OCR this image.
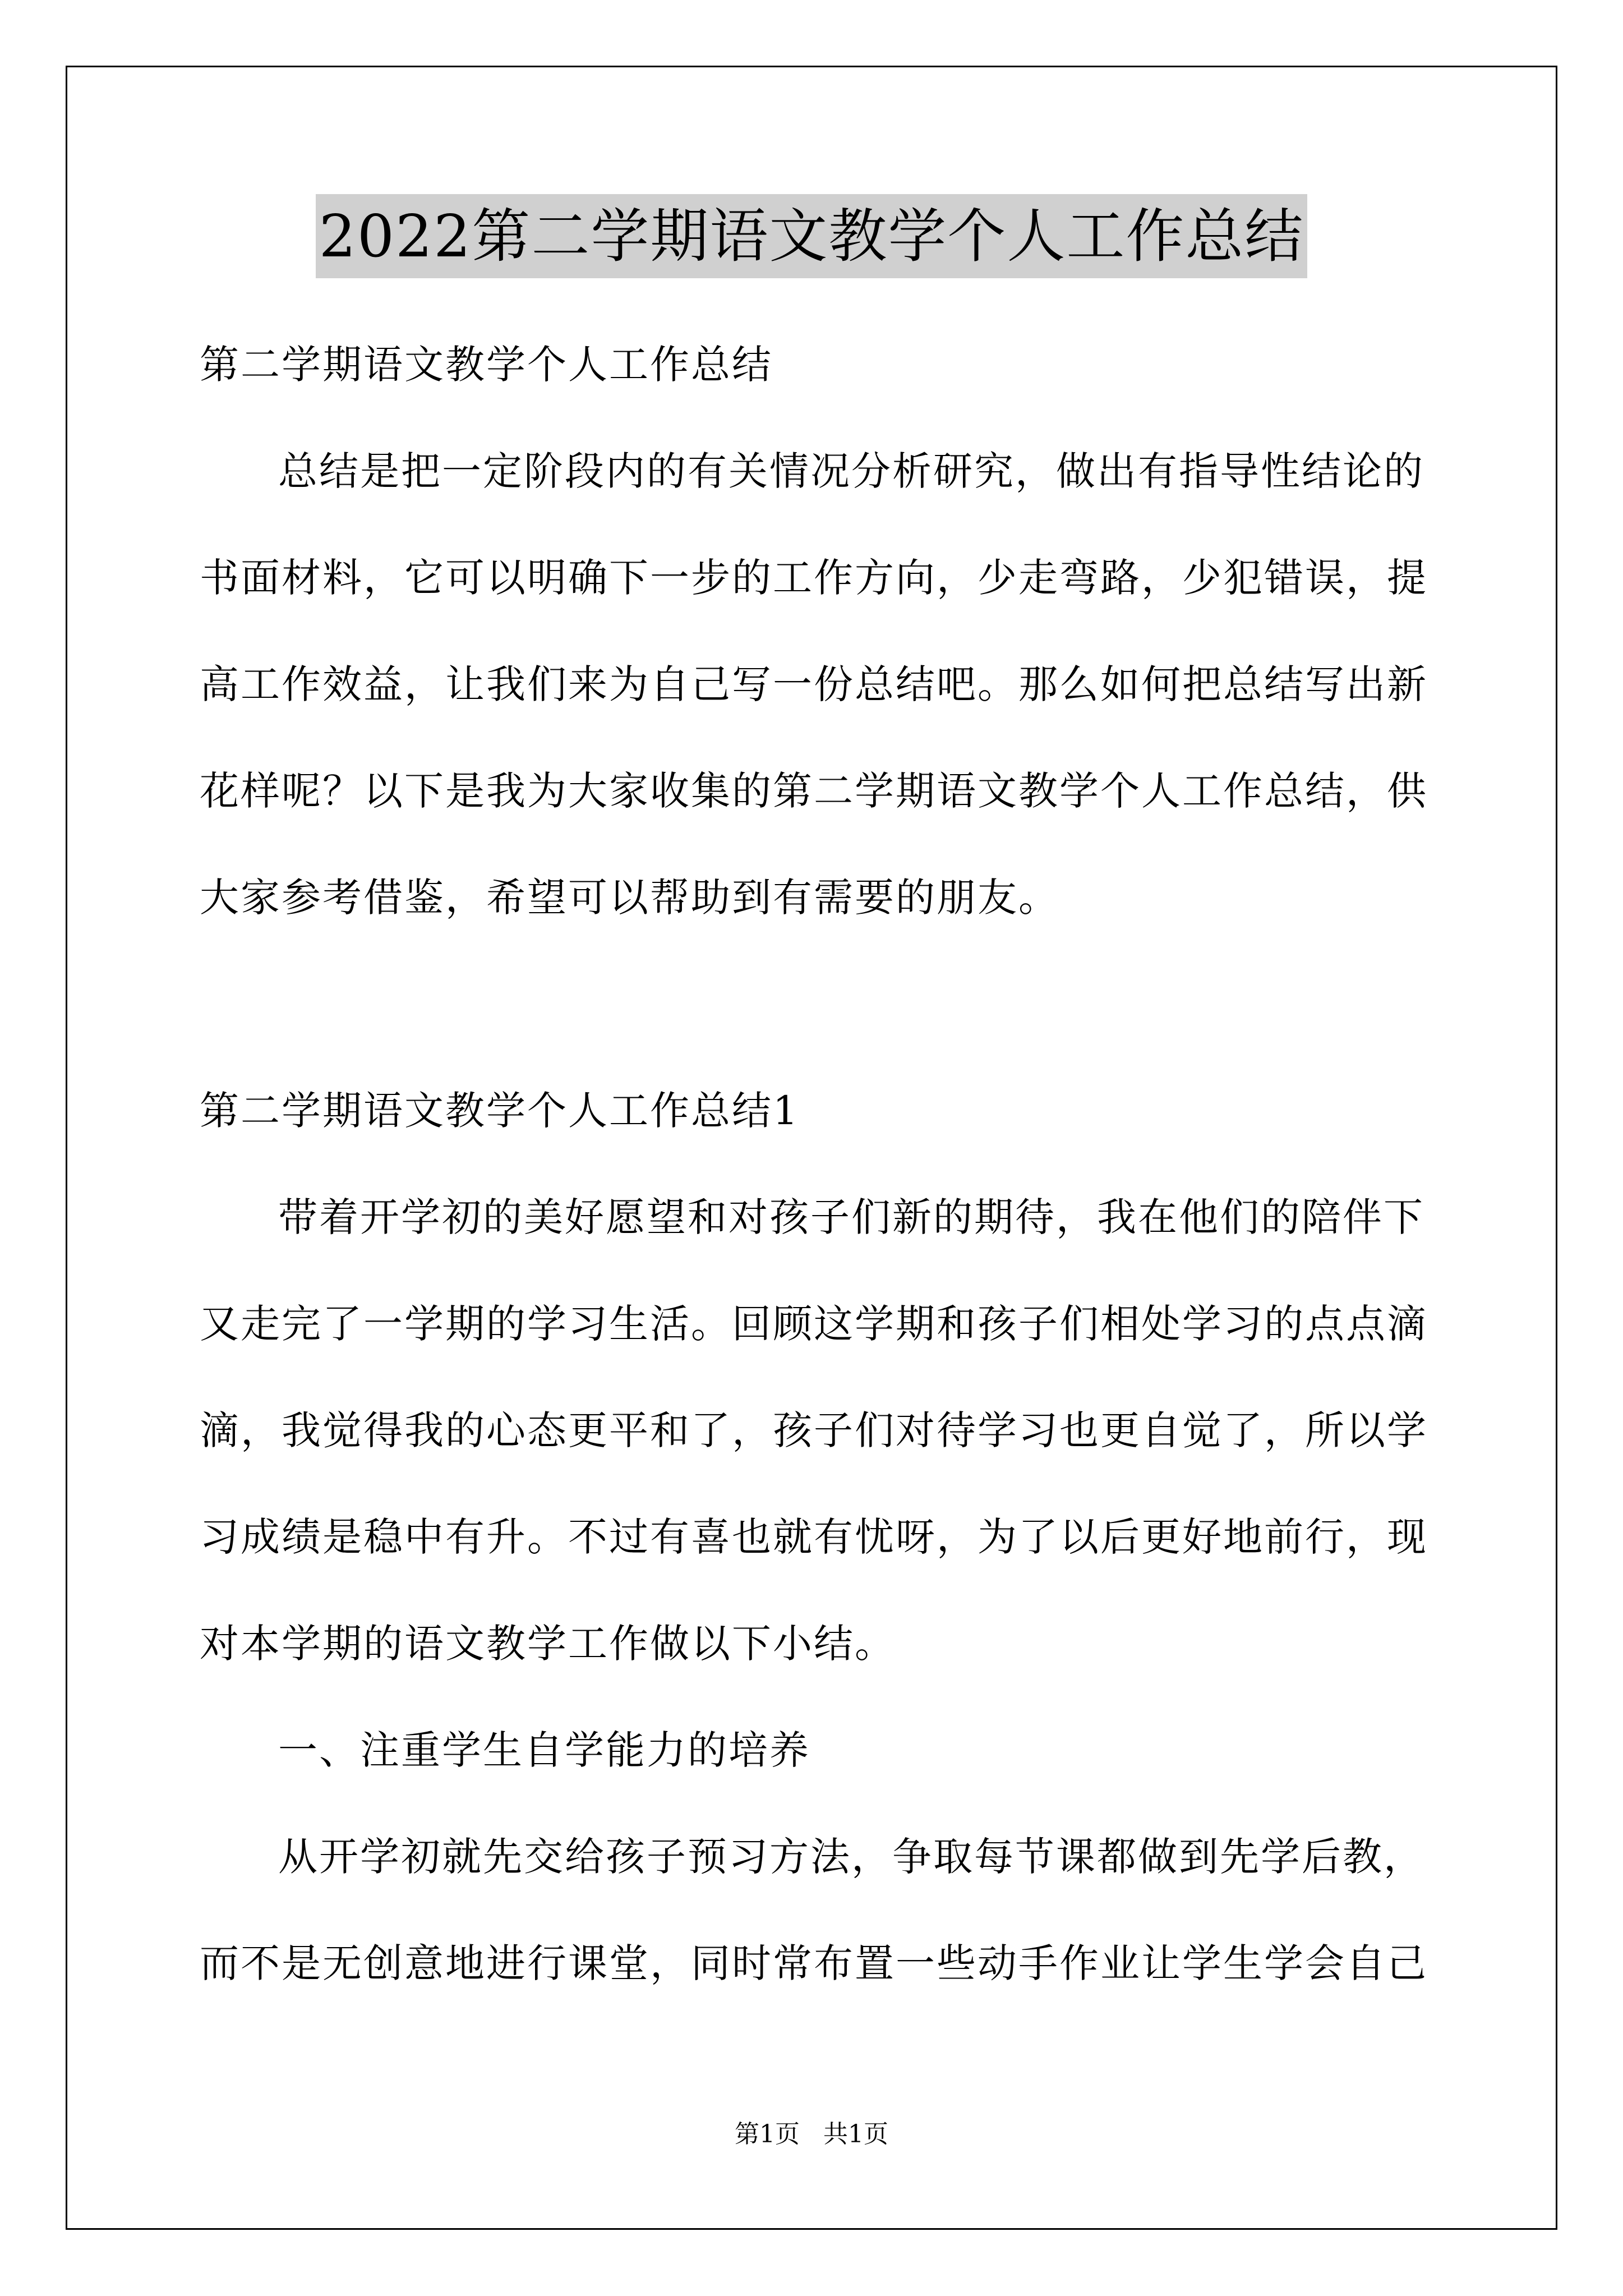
2022第二学期语文教学个人工作总结

第二学期语文教学个人工作总结

总结是把一定阶段内的有关情况分析研究，做出有指导性结论的书面材料，它可以明确下一步的工作方向，少走弯路，少犯错误，提高工作效益，让我们来为自己写一份总结吧。那么如何把总结写出新花样呢？以下是我为大家收集的第二学期语文教学个人工作总结，供大家参考借鉴，希望可以帮助到有需要的朋友。

第二学期语文教学个人工作总结1

带着开学初的美好愿望和对孩子们新的期待，我在他们的陪伴下又走完了一学期的学习生活。回顾这学期和孩子们相处学习的点点滴滴，我觉得我的心态更平和了，孩子们对待学习也更自觉了，所以学习成绩是稳中有升。不过有喜也就有忧呀，为了以后更好地前行，现对本学期的语文教学工作做以下小结。

一、注重学生自学能力的培养

从开学初就先交给孩子预习方法，争取每节课都做到先学后教，而不是无创意地进行课堂，同时常布置一些动手作业让学生学会自己

第1页   共1页
